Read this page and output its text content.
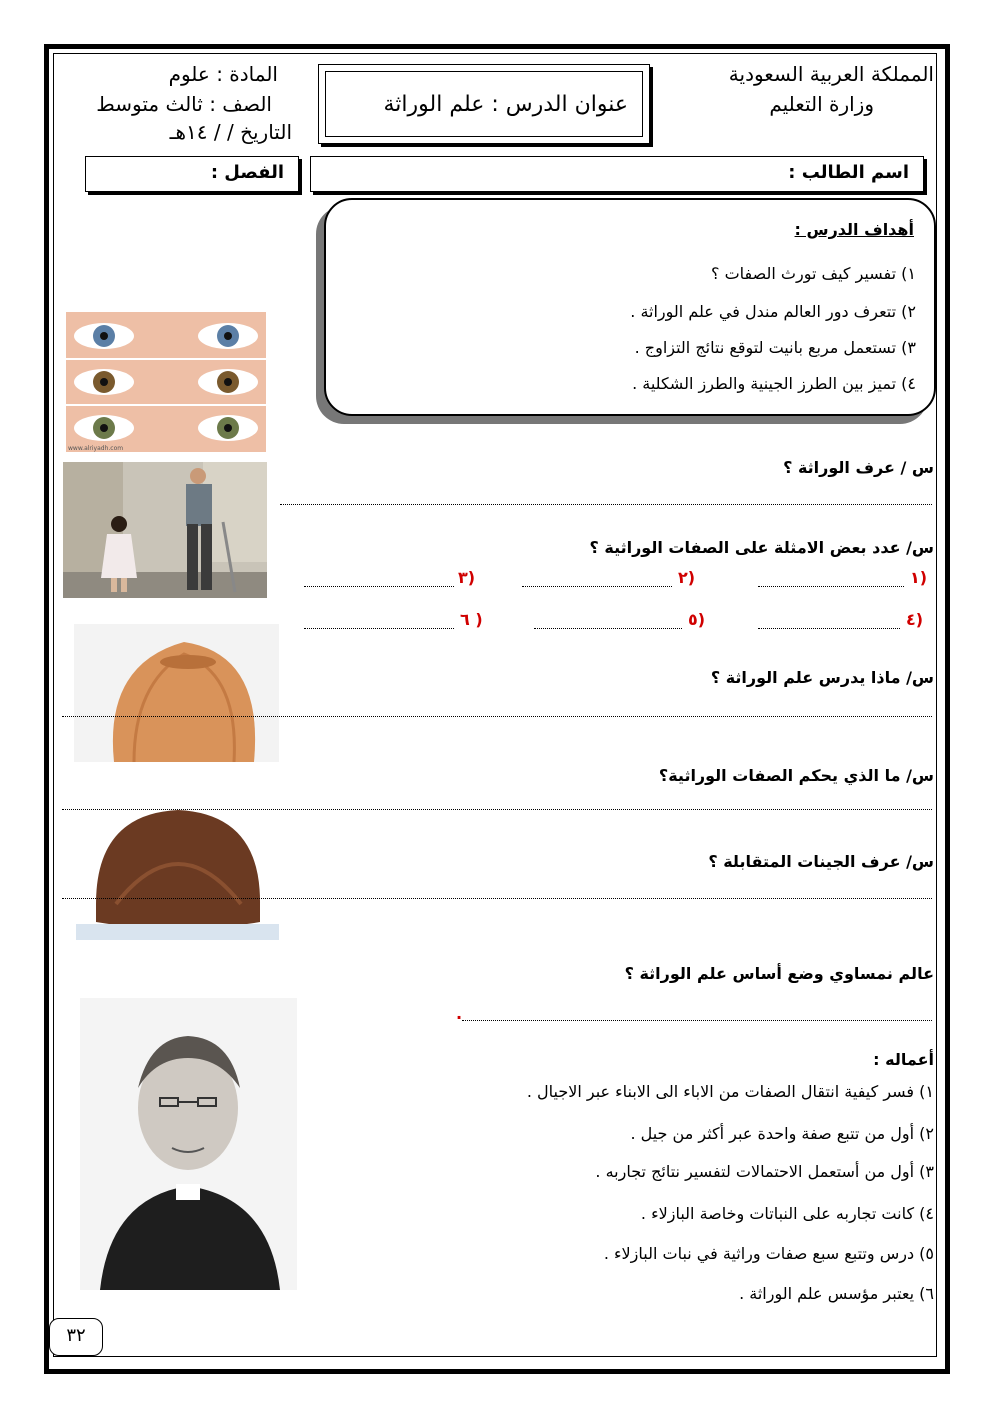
المملكة العربية السعودية
وزارة التعليم
عنوان الدرس : علم الوراثة
المادة : علوم
الصف : ثالث متوسط
التاريخ / / ١٤هـ
اسم الطالب :
الفصل :
أهداف الدرس :
١) تفسير كيف تورث الصفات ؟
٢) تتعرف دور العالم مندل في علم الوراثة .
٣) تستعمل مربع بانيت لتوقع نتائج التزاوج .
٤) تميز بين الطرز الجينية والطرز الشكلية .
www.alriyadh.com
س / عرف الوراثة ؟
س/ عدد بعض الامثلة على الصفات الوراثية ؟
١)
٢)
٣)
٤)
٥)
٦ )
س/ ماذا يدرس علم الوراثة ؟
س/ ما الذي يحكم الصفات الوراثية؟
س/ عرف الجينات المتقابلة ؟
عالم نمساوي وضع أساس علم الوراثة ؟
.
أعماله :
١) فسر كيفية انتقال الصفات من الاباء الى الابناء عبر الاجيال .
٢) أول من تتبع صفة واحدة عبر أكثر من جيل .
٣) أول من أستعمل الاحتمالات لتفسير نتائج تجاربه .
٤) كانت تجاربه على النباتات وخاصة البازلاء .
٥) درس وتتبع سبع صفات وراثية في نبات البازلاء .
٦) يعتبر مؤسس علم الوراثة .
٣٢
